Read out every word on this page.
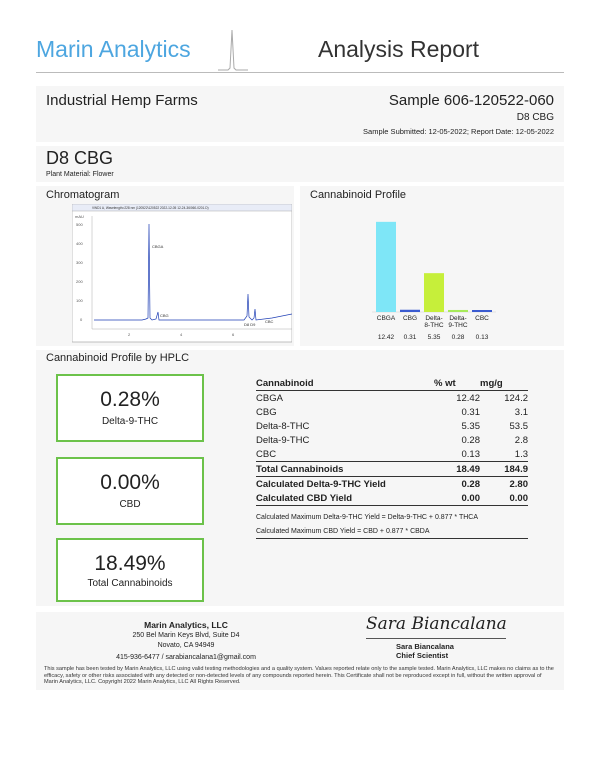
Marin Analytics	Analysis Report
Industrial Hemp Farms	Sample 606-120522-060
D8 CBG
Sample Submitted: 12-05-2022; Report Date: 12-05-2022
D8 CBG
Plant Material: Flower
Chromatogram
VWD1 A, Wavelength=228 nm (120522\120522 2022-12-05 12-24-36\060-0201.D)
mAU
500
400
300
200
100
0
2	4	6
CBGA
CBG
D8 D9
CBC
Cannabinoid Profile
CBGA
12.42
CBG
0.31
Delta-
8-THC
5.35
Delta-
9-THC
0.28
CBC
0.13
Cannabinoid Profile by HPLC
0.28%
Delta-9-THC
0.00%
CBD
18.49%
Total Cannabinoids
Cannabinoid	% wt	mg/g
CBGA	12.42	124.2
CBG	0.31	3.1
Delta-8-THC	5.35	53.5
Delta-9-THC	0.28	2.8
CBC	0.13	1.3
Total Cannabinoids	18.49	184.9
Calculated Delta-9-THC Yield	0.28	2.80
Calculated CBD Yield	0.00	0.00
Calculated Maximum Delta-9-THC Yield = Delta-9-THC + 0.877 * THCA		
Calculated Maximum CBD Yield = CBD + 0.877 * CBDA		
Marin Analytics, LLC
250 Bel Marin Keys Blvd, Suite D4
Novato, CA 94949
415-936-6477 / sarabiancalana1@gmail.com
Sara Biancalana
Sara Biancalana
Chief Scientist
This sample has been tested by Marin Analytics, LLC using valid testing methodologies and a quality system. Values reported relate only to the sample tested. Marin Analytics, LLC makes no claims as to the efficacy, safety or other risks associated with any detected or non-detected levels of any compounds reported herein. This Certificate shall not be reproduced except in full, without the written approval of Marin Analytics, LLC. Copyright 2022 Marin Analytics, LLC All Rights Reserved.
